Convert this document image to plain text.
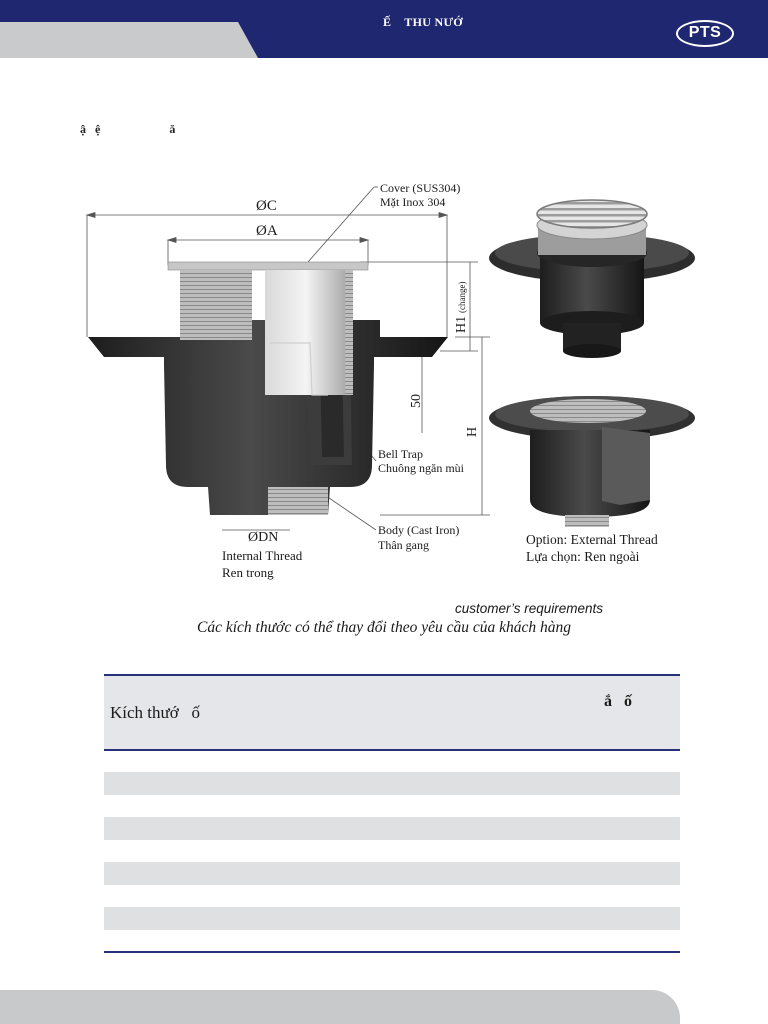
Ế    THU NƯỚ
PTS
ậ   ệ                       ă
ØC
ØA
Cover (SUS304)
Mặt Inox 304
H1
(change)
H
50
Bell Trap
Chuông ngăn mùi
Body (Cast Iron)
Thân gang
ØDN
Internal Thread
Ren trong
Option: External Thread
Lựa chọn: Ren ngoài
customer’s requirements
Các kích thước có thể thay đổi theo yêu cầu của khách hàng
Kích thướ   ố
ắ   ố
